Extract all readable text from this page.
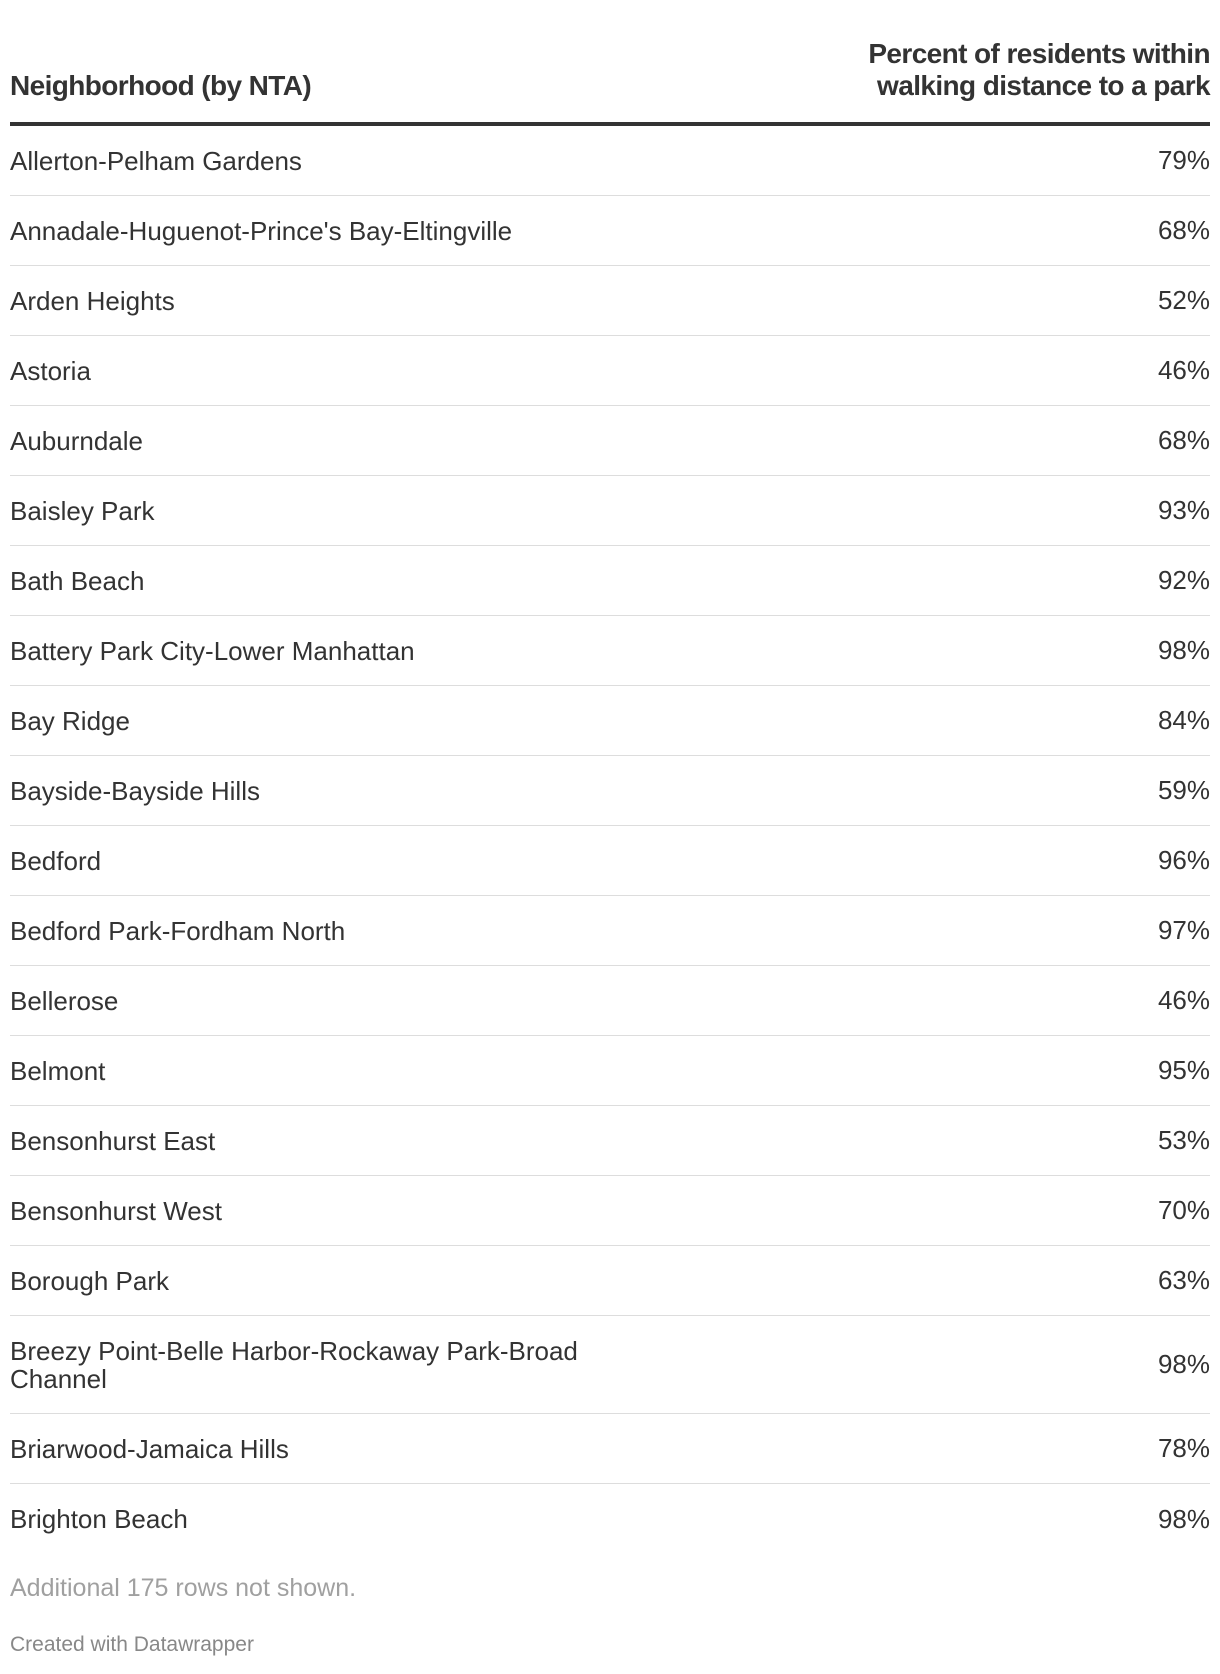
Neighborhood (by NTA)
Percent of residents within
walking distance to a park
Allerton-Pelham Gardens	79%
Annadale-Huguenot-Prince's Bay-Eltingville	68%
Arden Heights	52%
Astoria	46%
Auburndale	68%
Baisley Park	93%
Bath Beach	92%
Battery Park City-Lower Manhattan	98%
Bay Ridge	84%
Bayside-Bayside Hills	59%
Bedford	96%
Bedford Park-Fordham North	97%
Bellerose	46%
Belmont	95%
Bensonhurst East	53%
Bensonhurst West	70%
Borough Park	63%
Breezy Point-Belle Harbor-Rockaway Park-Broad
Channel	98%
Briarwood-Jamaica Hills	78%
Brighton Beach	98%
Additional 175 rows not shown.
Created with Datawrapper
